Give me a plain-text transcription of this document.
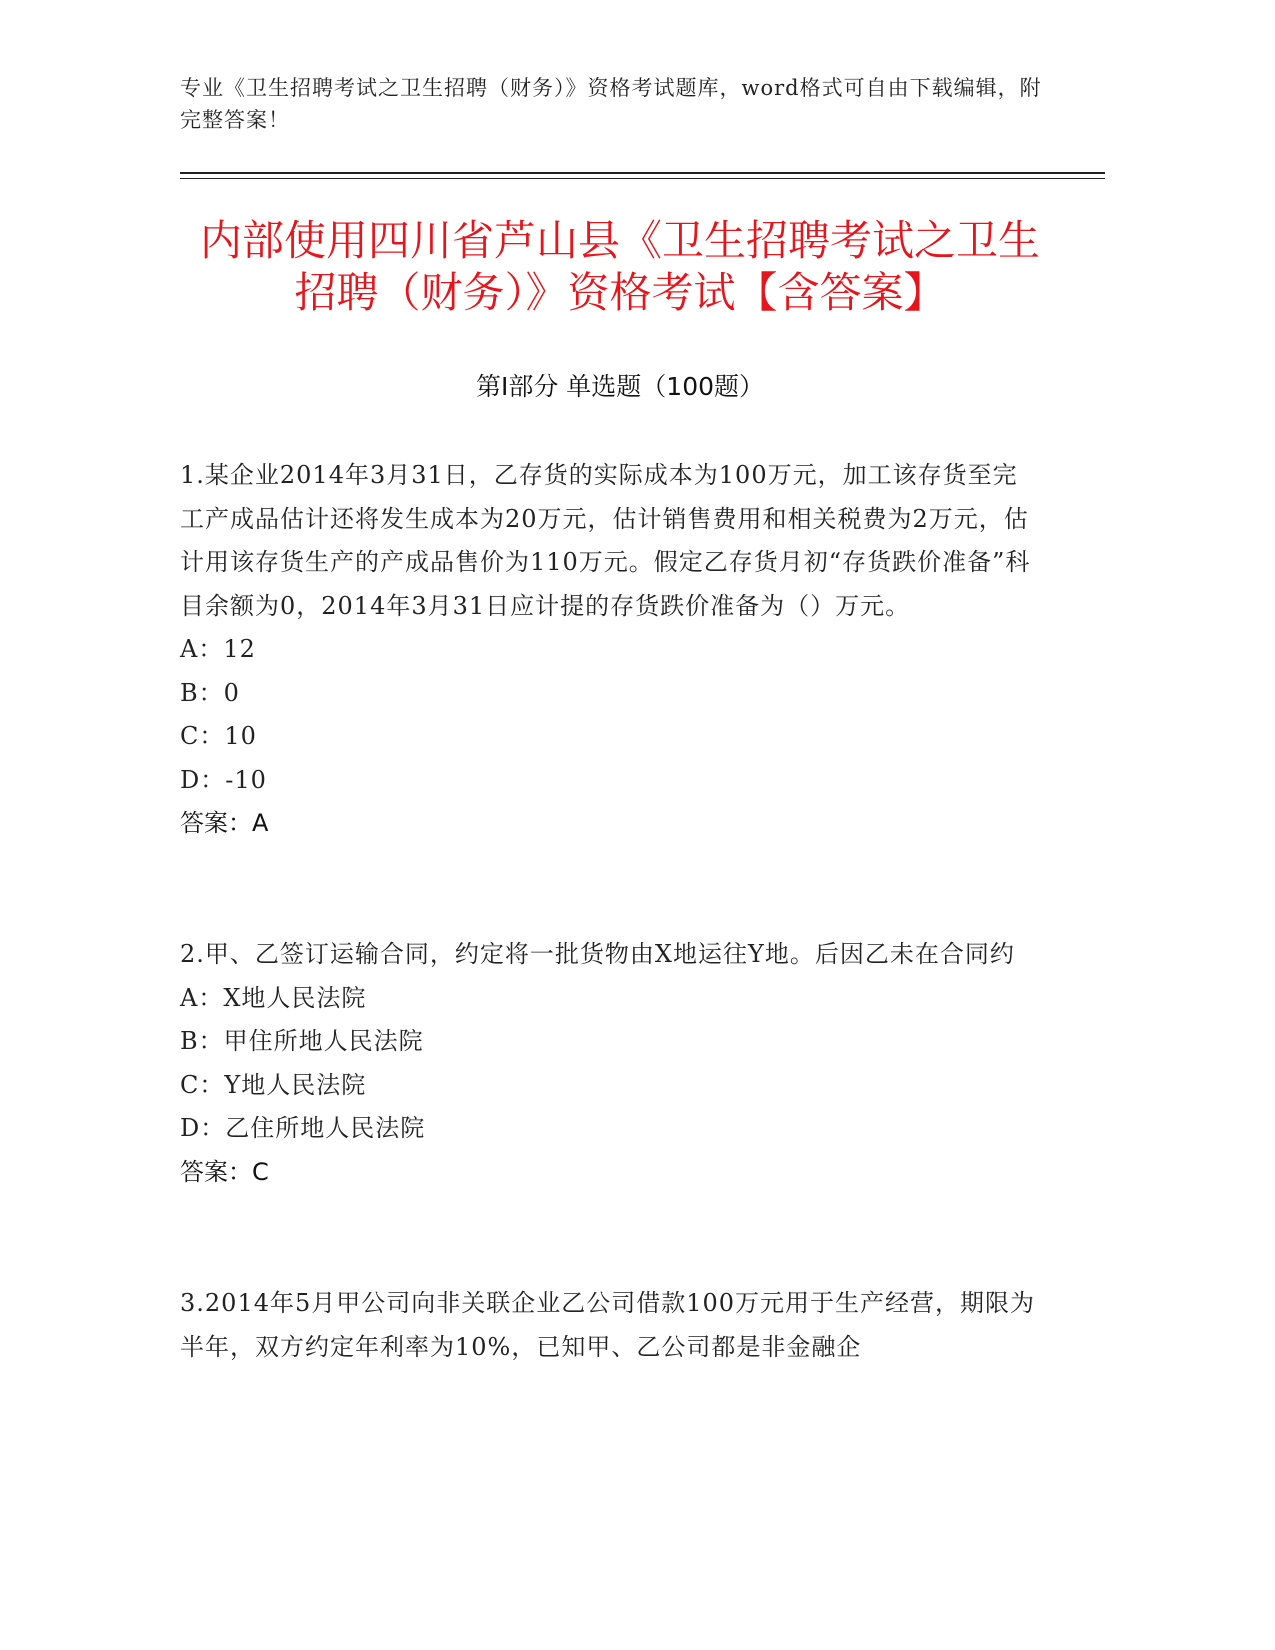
专业《卫生招聘考试之卫生招聘（财务）》资格考试题库，word格式可自由下载编辑，附完整答案！
内部使用四川省芦山县《卫生招聘考试之卫生招聘（财务）》资格考试【含答案】
第Ⅰ部分 单选题（100题）
1.某企业2014年3月31日，乙存货的实际成本为100万元，加工该存货至完工产成品估计还将发生成本为20万元，估计销售费用和相关税费为2万元，估计用该存货生产的产成品售价为110万元。假定乙存货月初“存货跌价准备”科目余额为0，2014年3月31日应计提的存货跌价准备为（）万元。
A：12
B：0
C：10
D：-10
答案：A
2.甲、乙签订运输合同，约定将一批货物由X地运往Y地。后因乙未在合同约
A：X地人民法院
B：甲住所地人民法院
C：Y地人民法院
D：乙住所地人民法院
答案：C
3.2014年5月甲公司向非关联企业乙公司借款100万元用于生产经营，期限为半年，双方约定年利率为10%，已知甲、乙公司都是非金融企
